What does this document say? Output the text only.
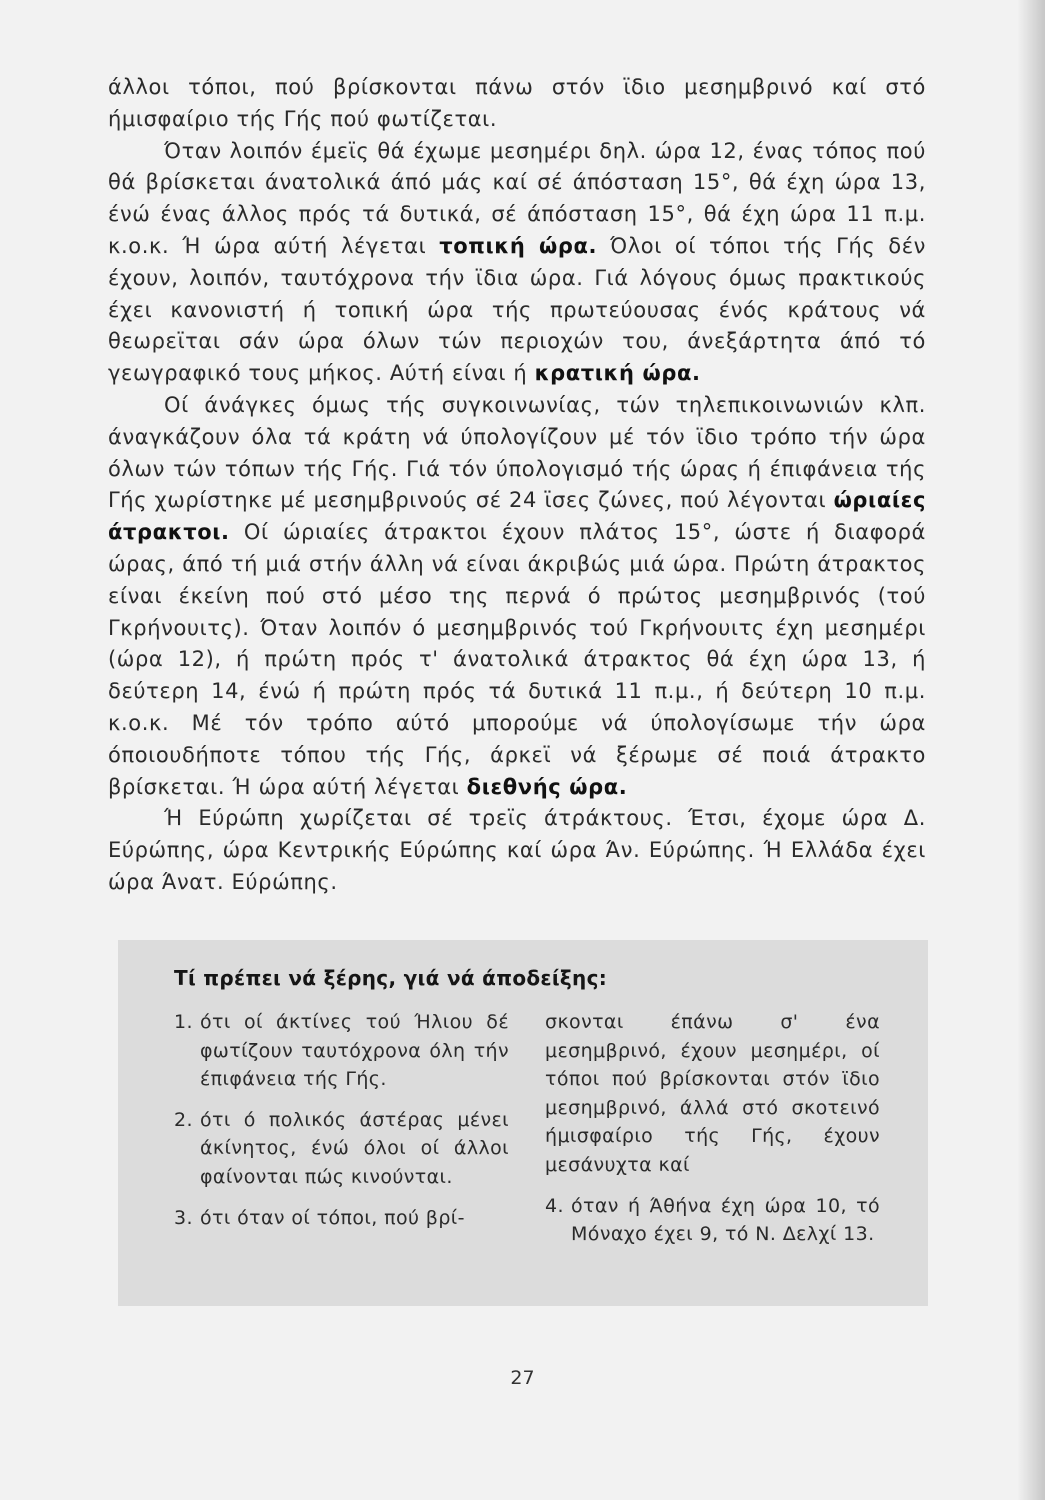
άλλοι τόποι, πού βρίσκονται πάνω στόν ϊδιο μεσημβρινό καί στό ήμισφαίριο τής Γής πού φωτίζεται.

Όταν λοιπόν έμεϊς θά έχωμε μεσημέρι δηλ. ώρα 12, ένας τόπος πού θά βρίσκεται άνατολικά άπό μάς καί σέ άπόσταση 15°, θά έχη ώρα 13, ένώ ένας άλλος πρός τά δυτικά, σέ άπόσταση 15°, θά έχη ώρα 11 π.μ. κ.ο.κ. Ή ώρα αύτή λέγεται τοπική ώρα. Όλοι οί τόποι τής Γής δέν έχουν, λοιπόν, ταυτόχρονα τήν ϊδια ώρα. Γιά λόγους όμως πρακτικούς έχει κανονιστή ή τοπική ώρα τής πρωτεύουσας ένός κράτους νά θεωρεϊται σάν ώρα όλων τών περιοχών του, άνεξάρτητα άπό τό γεωγραφικό τους μήκος. Αύτή είναι ή κρατική ώρα.

Οί άνάγκες όμως τής συγκοινωνίας, τών τηλεπικοινωνιών κλπ. άναγκάζουν όλα τά κράτη νά ύπολογίζουν μέ τόν ϊδιο τρόπο τήν ώρα όλων τών τόπων τής Γής. Γιά τόν ύπολογισμό τής ώρας ή έπιφάνεια τής Γής χωρίστηκε μέ μεσημβρινούς σέ 24 ϊσες ζώνες, πού λέγονται ώριαίες άτρακτοι. Οί ώριαίες άτρακτοι έχουν πλάτος 15°, ώστε ή διαφορά ώρας, άπό τή μιά στήν άλλη νά είναι άκριβώς μιά ώρα. Πρώτη άτρακτος είναι έκείνη πού στό μέσο της περνά ό πρώτος μεσημβρινός (τού Γκρήνουιτς). Όταν λοιπόν ό μεσημβρινός τού Γκρήνουιτς έχη μεσημέρι (ώρα 12), ή πρώτη πρός τ' άνατολικά άτρακτος θά έχη ώρα 13, ή δεύτερη 14, ένώ ή πρώτη πρός τά δυτικά 11 π.μ., ή δεύτερη 10 π.μ. κ.ο.κ. Μέ τόν τρόπο αύτό μπορούμε νά ύπολογίσωμε τήν ώρα όποιουδήποτε τόπου τής Γής, άρκεϊ νά ξέρωμε σέ ποιά άτρακτο βρίσκεται. Ή ώρα αύτή λέγεται διεθνής ώρα.

Ή Εύρώπη χωρίζεται σέ τρεϊς άτράκτους. Έτσι, έχομε ώρα Δ. Εύρώπης, ώρα Κεντρικής Εύρώπης καί ώρα Άν. Εύρώπης. Ή Ελλάδα έχει ώρα Άνατ. Εύρώπης.

Τί πρέπει νά ξέρης, γιά νά άποδείξης:
1. ότι οί άκτίνες τού Ήλιου δέ φωτίζουν ταυτόχρονα όλη τήν έπιφάνεια τής Γής.
2. ότι ό πολικός άστέρας μένει άκίνητος, ένώ όλοι οί άλλοι φαίνονται πώς κινούνται.
3. ότι όταν οί τόποι, πού βρί-
σκονται έπάνω σ' ένα μεσημβρινό, έχουν μεσημέρι, οί τόποι πού βρίσκονται στόν ϊδιο μεσημβρινό, άλλά στό σκοτεινό ήμισφαίριο τής Γής, έχουν μεσάνυχτα καί
4. όταν ή Άθήνα έχη ώρα 10, τό Μόναχο έχει 9, τό Ν. Δελχί 13.
27
